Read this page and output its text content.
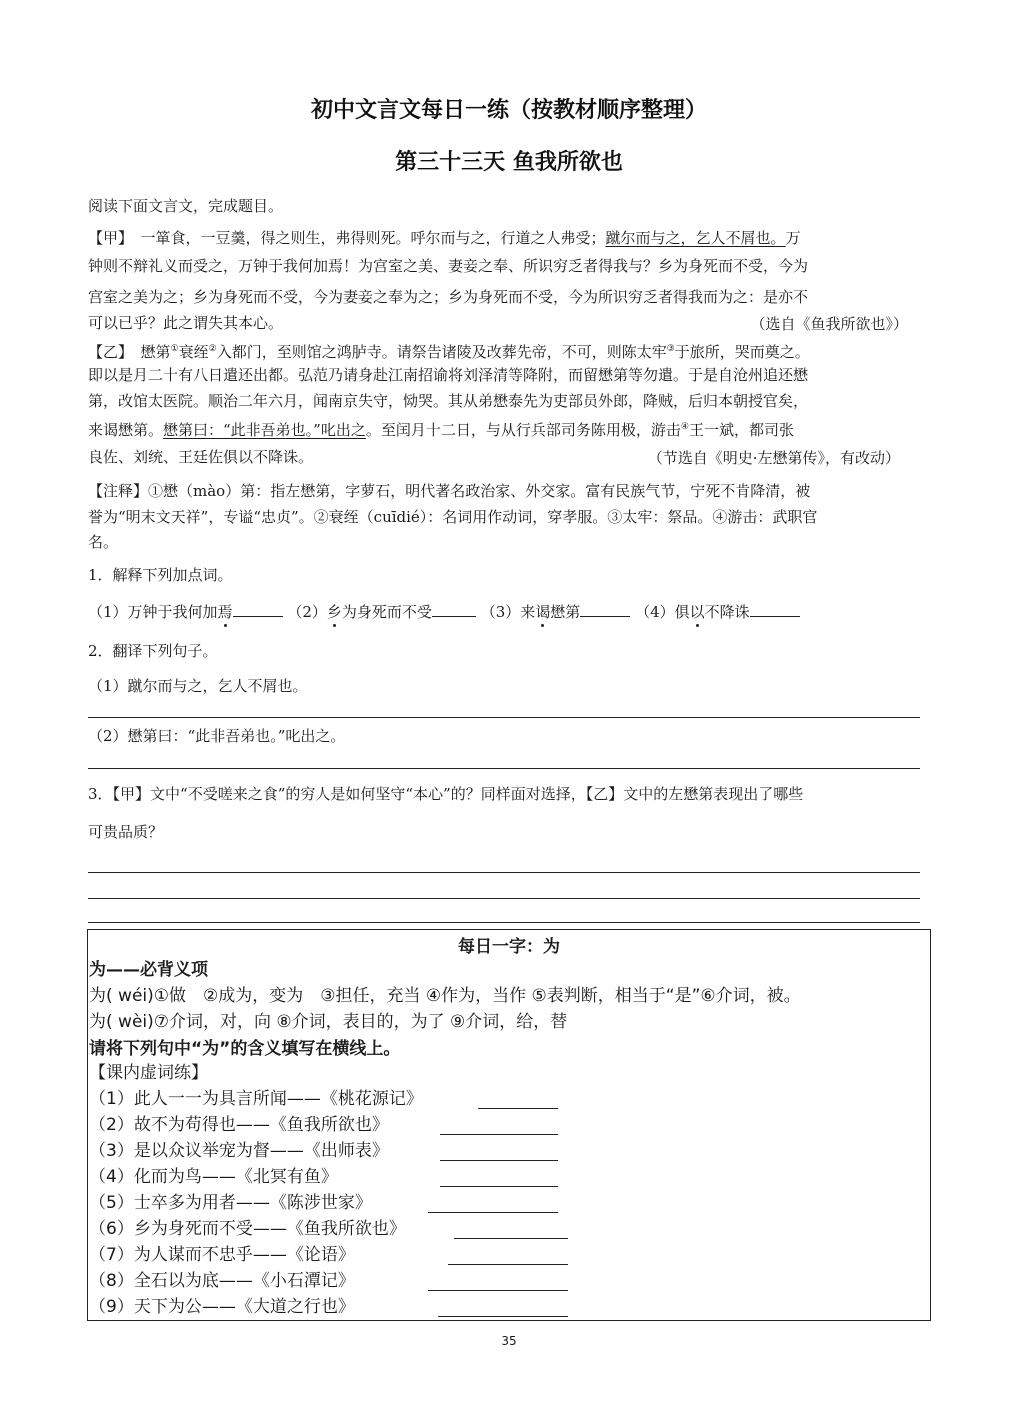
初中文言文每日一练（按教材顺序整理）
第三十三天 鱼我所欲也
阅读下面文言文，完成题目。
【甲】　一箪食，一豆羹，得之则生，弗得则死。呼尔而与之，行道之人弗受；蹴尔而与之，乞人不屑也。万
钟则不辩礼义而受之，万钟于我何加焉！为宫室之美、妻妾之奉、所识穷乏者得我与？乡为身死而不受，今为
宫室之美为之；乡为身死而不受，今为妻妾之奉为之；乡为身死而不受，今为所识穷乏者得我而为之：是亦不
可以已乎？此之谓失其本心。	（选自《鱼我所欲也》）
【乙】　懋第①衰绖②入都门，至则馆之鸿胪寺。请祭告诸陵及改葬先帝，不可，则陈太牢③于旅所，哭而奠之。
即以是月二十有八日遣还出都。弘范乃请身赴江南招谕将刘泽清等降附，而留懋第等勿遣。于是自沧州追还懋
第，改馆太医院。顺治二年六月，闻南京失守，恸哭。其从弟懋泰先为吏部员外郎，降贼，后归本朝授官矣，
来谒懋第。懋第曰：“此非吾弟也。”叱出之。至闰月十二日，与从行兵部司务陈用极，游击④王一斌，都司张
良佐、刘统、王廷佐俱以不降诛。	（节选自《明史·左懋第传》，有改动）
【注释】①懋（mào）第：指左懋第，字萝石，明代著名政治家、外交家。富有民族气节，宁死不肯降清，被
誉为“明末文天祥”，专谥“忠贞”。②衰绖（cuīdié）：名词用作动词，穿孝服。③太牢：祭品。④游击：武职官
名。
1．解释下列加点词。
（1）万钟于我何加焉	（2）乡为身死而不受	（3）来谒懋第	（4）俱以不降诛
2．翻译下列句子。
（1）蹴尔而与之，乞人不屑也。
（2）懋第曰：“此非吾弟也。”叱出之。
3．【甲】文中“不受嗟来之食”的穷人是如何坚守“本心”的？同样面对选择，【乙】文中的左懋第表现出了哪些
可贵品质？
每日一字：为
为——必背义项
为( wéi)①做　②成为，变为　③担任，充当 ④作为，当作 ⑤表判断，相当于“是”⑥介词，被。
为( wèi)⑦介词，对，向 ⑧介词，表目的，为了 ⑨介词，给，替
请将下列句中“为”的含义填写在横线上。
【课内虚词练】
（1）此人一一为具言所闻——《桃花源记》
（2）故不为苟得也——《鱼我所欲也》
（3）是以众议举宠为督——《出师表》
（4）化而为鸟——《北冥有鱼》
（5）士卒多为用者——《陈涉世家》
（6）乡为身死而不受——《鱼我所欲也》
（7）为人谋而不忠乎——《论语》
（8）全石以为底——《小石潭记》
（9）天下为公——《大道之行也》
35
